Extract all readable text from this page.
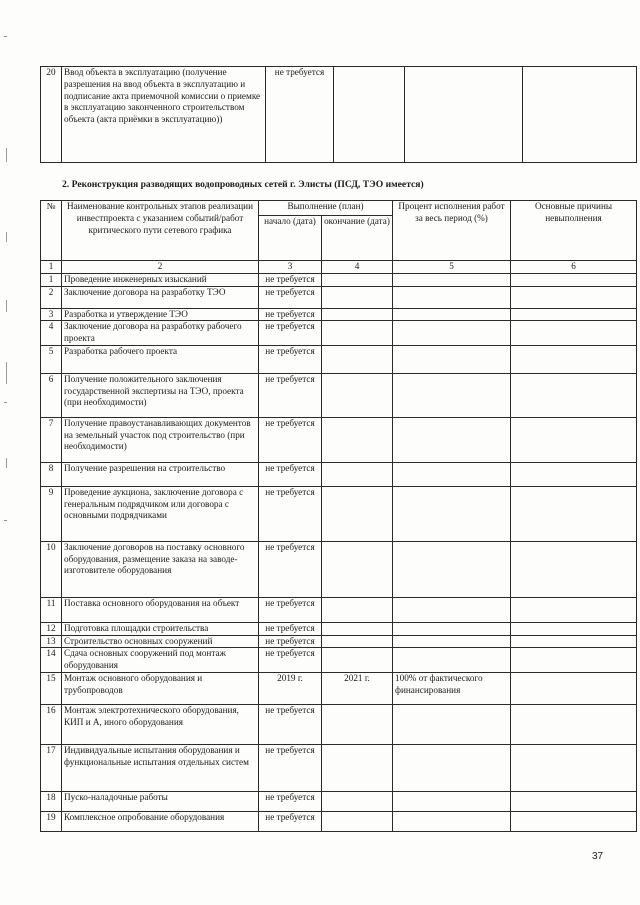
20	Ввод объекта в эксплуатацию (получение разрешения на ввод объекта в эксплуатацию и подписание акта приемочной комиссии о приемке в эксплуатацию законченного строительством объекта (акта приёмки в эксплуатацию))	не требуется			
2. Реконструкция разводящих водопроводных сетей г. Элисты (ПСД, ТЭО имеется)
№	Наименование контрольных этапов реализации инвестпроекта с указанием событий/работ критического пути сетевого графика	Выполнение (план)		Процент исполнения работ за весь период (%)	Основные причины невыполнения
		начало (дата)	окончание (дата)		
1	2	3	4	5	6
1	Проведение инженерных изысканий	не требуется			
2	Заключение договора на разработку ТЭО	не требуется			
3	Разработка и утверждение ТЭО	не требуется			
4	Заключение договора на разработку рабочего проекта	не требуется			
5	Разработка рабочего проекта	не требуется			
6	Получение положительного заключения государственной экспертизы на ТЭО, проекта (при необходимости)	не требуется			
7	Получение правоустанавливающих документов на земельный участок под строительство (при необходимости)	не требуется			
8	Получение разрешения на строительство	не требуется			
9	Проведение аукциона, заключение договора с генеральным подрядчиком или договора с основными подрядчиками	не требуется			
10	Заключение договоров на поставку основного оборудования, размещение заказа на заводе-изготовителе оборудования	не требуется			
11	Поставка основного оборудования на объект	не требуется			
12	Подготовка площадки строительства	не требуется			
13	Строительство основных сооружений	не требуется			
14	Сдача основных сооружений под монтаж оборудования	не требуется			
15	Монтаж основного оборудования и трубопроводов	2019 г.	2021 г.	100% от фактического финансирования	
16	Монтаж электротехнического оборудования, КИП и А, иного оборудования	не требуется			
17	Индивидуальные испытания оборудования и функциональные испытания отдельных систем	не требуется			
18	Пуско-наладочные работы	не требуется			
19	Комплексное опробование оборудования	не требуется			
37
